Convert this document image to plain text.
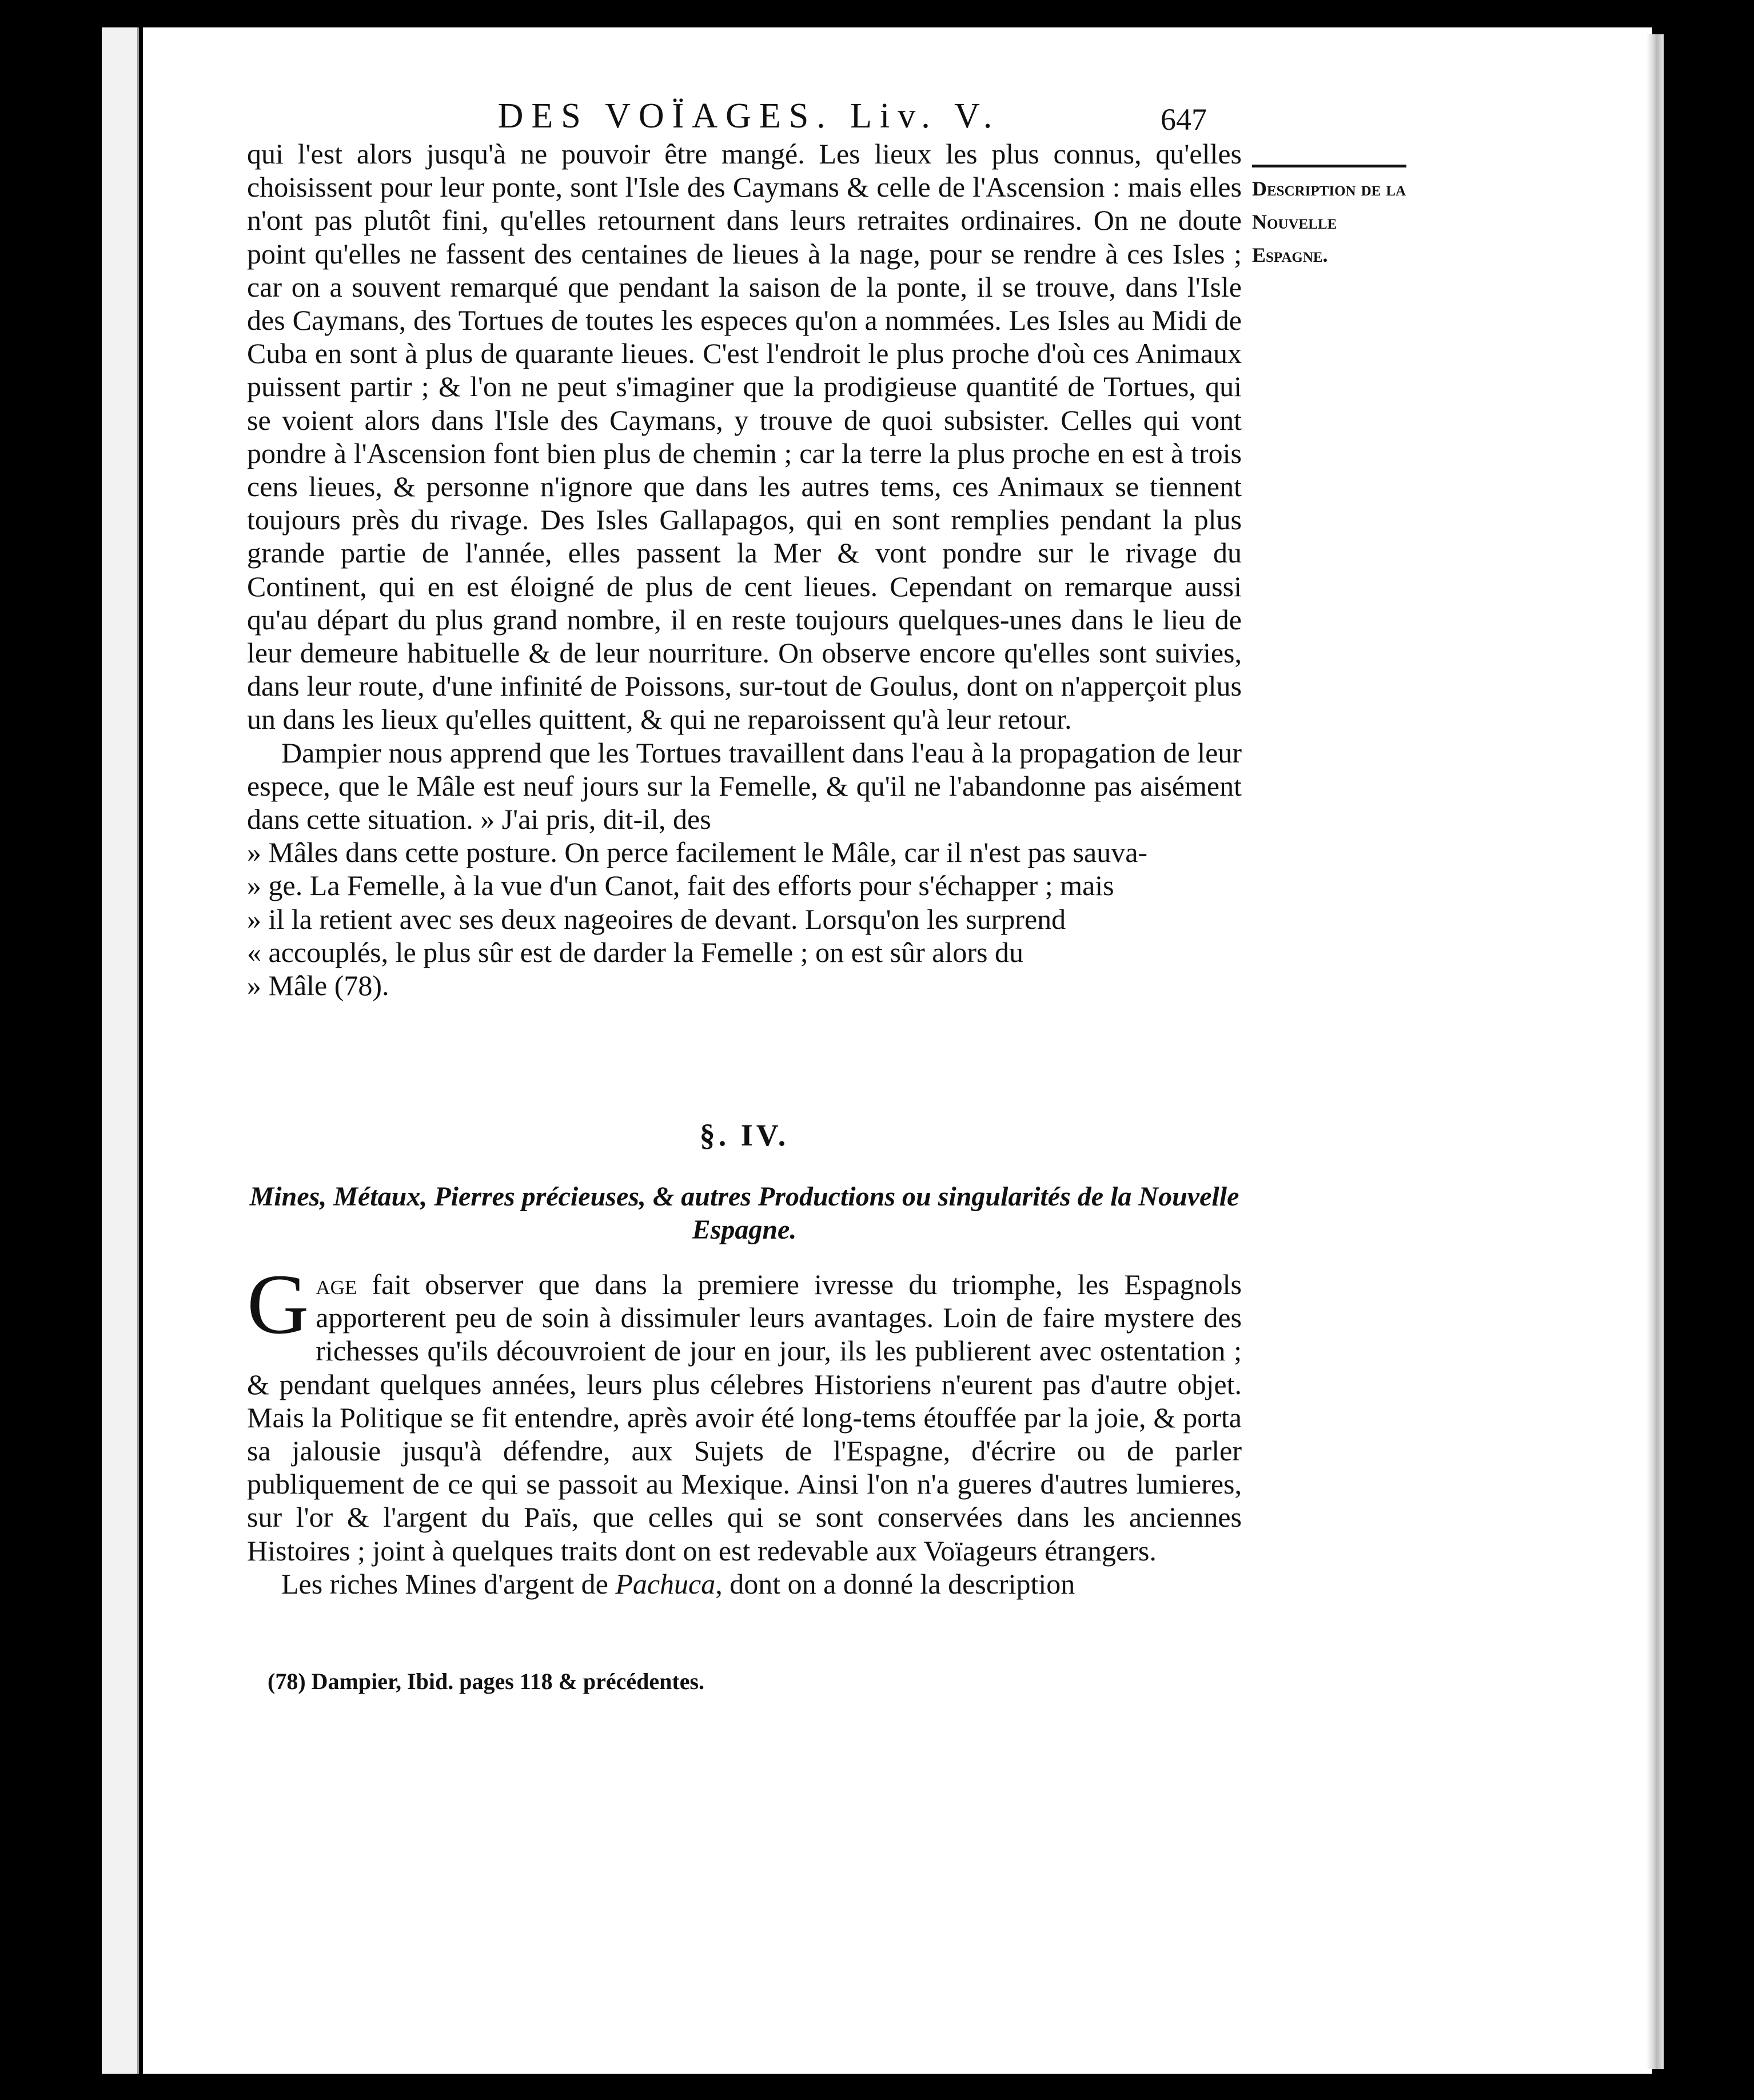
DES VOÏAGES. Liv. V.	647
Description de la Nouvelle Espagne.

qui l'est alors jusqu'à ne pouvoir être mangé. Les lieux les plus connus, qu'elles choisissent pour leur ponte, sont l'Isle des Caymans & celle de l'Ascension : mais elles n'ont pas plutôt fini, qu'elles retournent dans leurs retraites ordinaires. On ne doute point qu'elles ne fassent des centaines de lieues à la nage, pour se rendre à ces Isles ; car on a souvent remarqué que pendant la saison de la ponte, il se trouve, dans l'Isle des Caymans, des Tortues de toutes les especes qu'on a nommées. Les Isles au Midi de Cuba en sont à plus de quarante lieues. C'est l'endroit le plus proche d'où ces Animaux puissent partir ; & l'on ne peut s'imaginer que la prodigieuse quantité de Tortues, qui se voient alors dans l'Isle des Caymans, y trouve de quoi subsister. Celles qui vont pondre à l'Ascension font bien plus de chemin ; car la terre la plus proche en est à trois cens lieues, & personne n'ignore que dans les autres tems, ces Animaux se tiennent toujours près du rivage. Des Isles Gallapagos, qui en sont remplies pendant la plus grande partie de l'année, elles passent la Mer & vont pondre sur le rivage du Continent, qui en est éloigné de plus de cent lieues. Cependant on remarque aussi qu'au départ du plus grand nombre, il en reste toujours quelques-unes dans le lieu de leur demeure habituelle & de leur nourriture. On observe encore qu'elles sont suivies, dans leur route, d'une infinité de Poissons, sur-tout de Goulus, dont on n'apperçoit plus un dans les lieux qu'elles quittent, & qui ne reparoissent qu'à leur retour.

Dampier nous apprend que les Tortues travaillent dans l'eau à la propagation de leur espece, que le Mâle est neuf jours sur la Femelle, & qu'il ne l'abandonne pas aisément dans cette situation. » J'ai pris, dit-il, des

» Mâles dans cette posture. On perce facilement le Mâle, car il n'est pas sauva-
» ge. La Femelle, à la vue d'un Canot, fait des efforts pour s'échapper ; mais
» il la retient avec ses deux nageoires de devant. Lorsqu'on les surprend
« accouplés, le plus sûr est de darder la Femelle ; on est sûr alors du
» Mâle (78).
§. IV.
Mines, Métaux, Pierres précieuses, & autres Productions ou singularités de la Nouvelle Espagne.

Gage fait observer que dans la premiere ivresse du triomphe, les Espagnols apporterent peu de soin à dissimuler leurs avantages. Loin de faire mystere des richesses qu'ils découvroient de jour en jour, ils les publierent avec ostentation ; & pendant quelques années, leurs plus célebres Historiens n'eurent pas d'autre objet. Mais la Politique se fit entendre, après avoir été long-tems étouffée par la joie, & porta sa jalousie jusqu'à défendre, aux Sujets de l'Espagne, d'écrire ou de parler publiquement de ce qui se passoit au Mexique. Ainsi l'on n'a gueres d'autres lumieres, sur l'or & l'argent du Païs, que celles qui se sont conservées dans les anciennes Histoires ; joint à quelques traits dont on est redevable aux Voïageurs étrangers.

Les riches Mines d'argent de Pachuca, dont on a donné la description

(78) Dampier, Ibid. pages 118 & précédentes.
